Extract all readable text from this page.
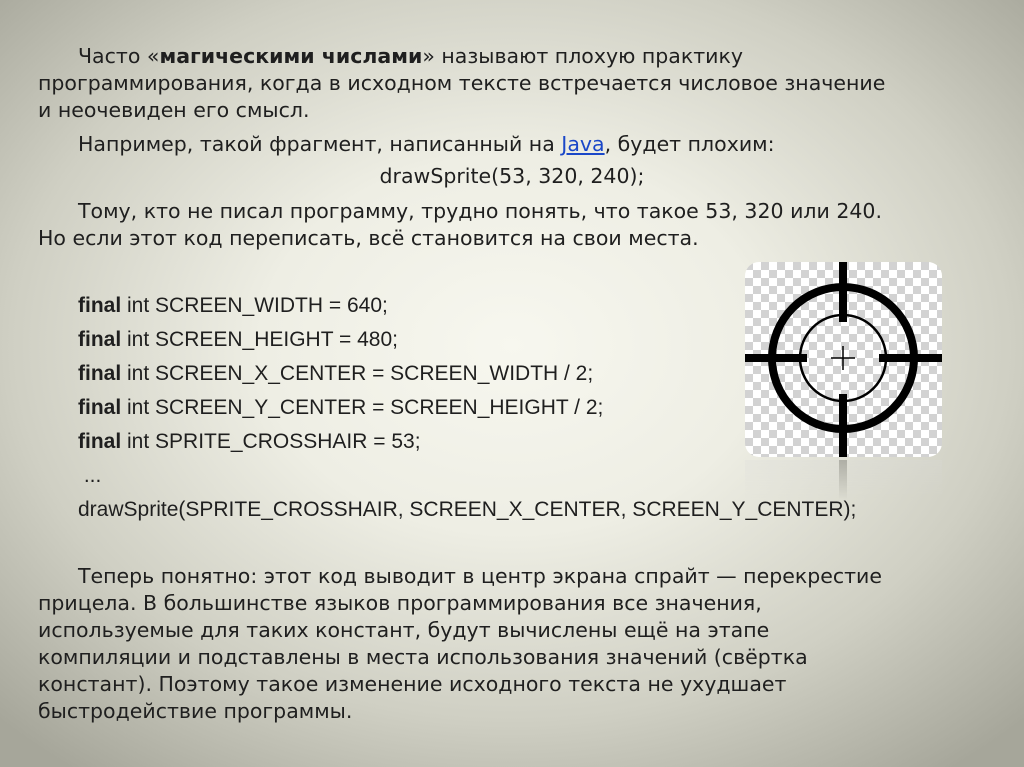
Часто «магическими числами» называют плохую практику
программирования, когда в исходном тексте встречается числовое значение
и неочевиден его смысл.
Например, такой фрагмент, написанный на Java, будет плохим:
drawSprite(53, 320, 240);
Тому, кто не писал программу, трудно понять, что такое 53, 320 или 240.
Но если этот код переписать, всё становится на свои места.
final int SCREEN_WIDTH = 640;
final int SCREEN_HEIGHT = 480;
final int SCREEN_X_CENTER = SCREEN_WIDTH / 2;
final int SCREEN_Y_CENTER = SCREEN_HEIGHT / 2;
final int SPRITE_CROSSHAIR = 53;
...
drawSprite(SPRITE_CROSSHAIR, SCREEN_X_CENTER, SCREEN_Y_CENTER);
Теперь понятно: этот код выводит в центр экрана спрайт — перекрестие
прицела. В большинстве языков программирования все значения,
используемые для таких констант, будут вычислены ещё на этапе
компиляции и подставлены в места использования значений (свёртка
констант). Поэтому такое изменение исходного текста не ухудшает
быстродействие программы.
